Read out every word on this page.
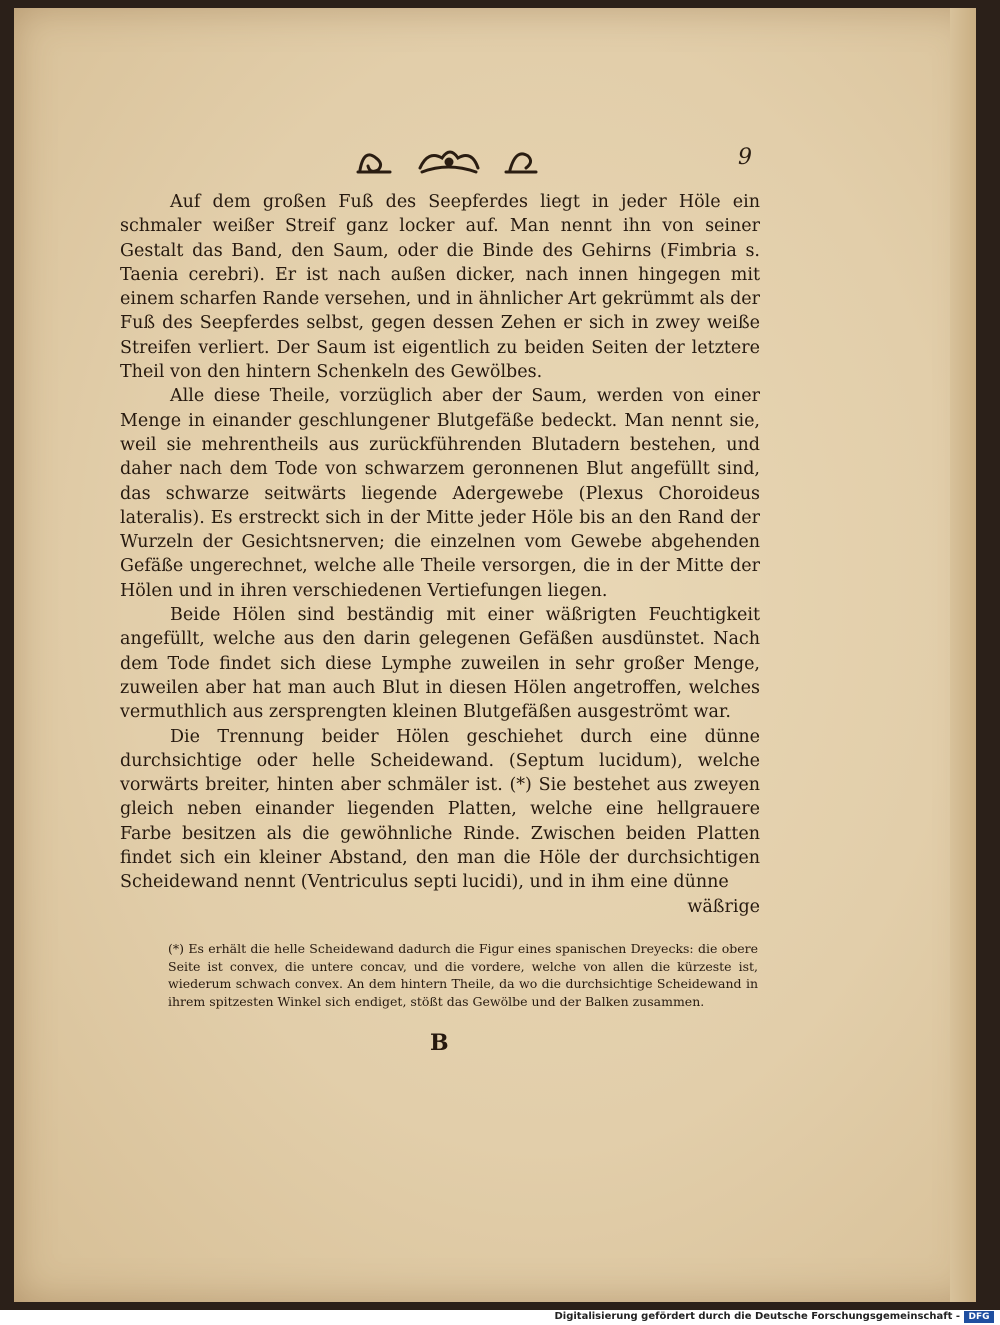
9

Auf dem großen Fuß des Seepferdes liegt in jeder Höle ein schmaler weißer Streif ganz locker auf. Man nennt ihn von seiner Gestalt das Band, den Saum, oder die Binde des Gehirns (Fimbria s. Taenia cerebri). Er ist nach außen dicker, nach innen hingegen mit einem scharfen Rande versehen, und in ähnlicher Art gekrümmt als der Fuß des Seepferdes selbst, gegen dessen Zehen er sich in zwey weiße Streifen verliert. Der Saum ist eigentlich zu beiden Seiten der letztere Theil von den hintern Schenkeln des Gewölbes.

Alle diese Theile, vorzüglich aber der Saum, werden von einer Menge in einander geschlungener Blutgefäße bedeckt. Man nennt sie, weil sie mehrentheils aus zurückführenden Blutadern bestehen, und daher nach dem Tode von schwarzem geronnenen Blut angefüllt sind, das schwarze seitwärts liegende Adergewebe (Plexus Choroideus lateralis). Es erstreckt sich in der Mitte jeder Höle bis an den Rand der Wurzeln der Gesichtsnerven; die einzelnen vom Gewebe abgehenden Gefäße ungerechnet, welche alle Theile versorgen, die in der Mitte der Hölen und in ihren verschiedenen Vertiefungen liegen.

Beide Hölen sind beständig mit einer wäßrigten Feuchtigkeit angefüllt, welche aus den darin gelegenen Gefäßen ausdünstet. Nach dem Tode findet sich diese Lymphe zuweilen in sehr großer Menge, zuweilen aber hat man auch Blut in diesen Hölen angetroffen, welches vermuthlich aus zersprengten kleinen Blutgefäßen ausgeströmt war.

Die Trennung beider Hölen geschiehet durch eine dünne durchsichtige oder helle Scheidewand. (Septum lucidum), welche vorwärts breiter, hinten aber schmäler ist. (*) Sie bestehet aus zweyen gleich neben einander liegenden Platten, welche eine hellgrauere Farbe besitzen als die gewöhnliche Rinde. Zwischen beiden Platten findet sich ein kleiner Abstand, den man die Höle der durchsichtigen Scheidewand nennt (Ventriculus septi lucidi), und in ihm eine dünne

wäßrige
(*) Es erhält die helle Scheidewand dadurch die Figur eines spanischen Dreyecks: die obere Seite ist convex, die untere concav, und die vordere, welche von allen die kürzeste ist, wiederum schwach convex. An dem hintern Theile, da wo die durchsichtige Scheidewand in ihrem spitzesten Winkel sich endiget, stößt das Gewölbe und der Balken zusammen.
B
Digitalisierung gefördert durch die Deutsche Forschungsgemeinschaft - DFG
